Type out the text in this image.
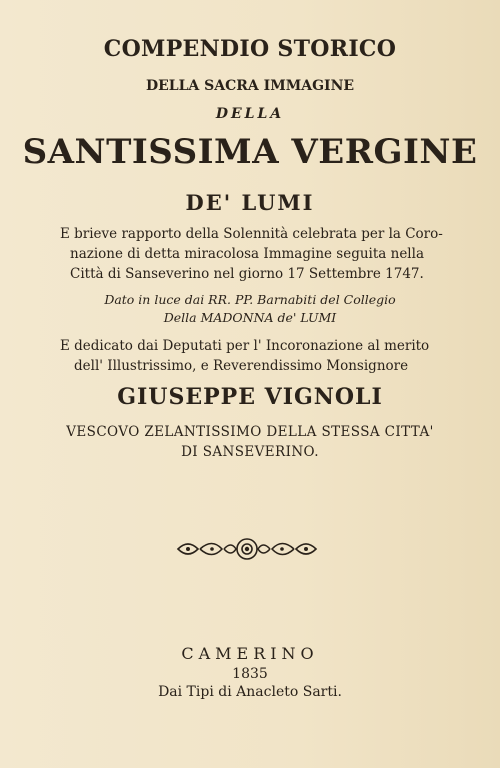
COMPENDIO STORICO
DELLA SACRA IMMAGINE
DELLA
SANTISSIMA VERGINE
DE' LUMI
E brieve rapporto della Solennità celebrata per la Coro-
nazione di detta miracolosa Immagine seguita nella
Città di Sanseverino nel giorno 17 Settembre 1747.
Dato in luce dai RR. PP. Barnabiti del Collegio
Della MADONNA de' LUMI
E dedicato dai Deputati per l' Incoronazione al merito
dell' Illustrissimo, e Reverendissimo Monsignore
GIUSEPPE VIGNOLI
VESCOVO ZELANTISSIMO DELLA STESSA CITTA'
DI SANSEVERINO.
CAMERINO
1835
Dai Tipi di Anacleto Sarti.
